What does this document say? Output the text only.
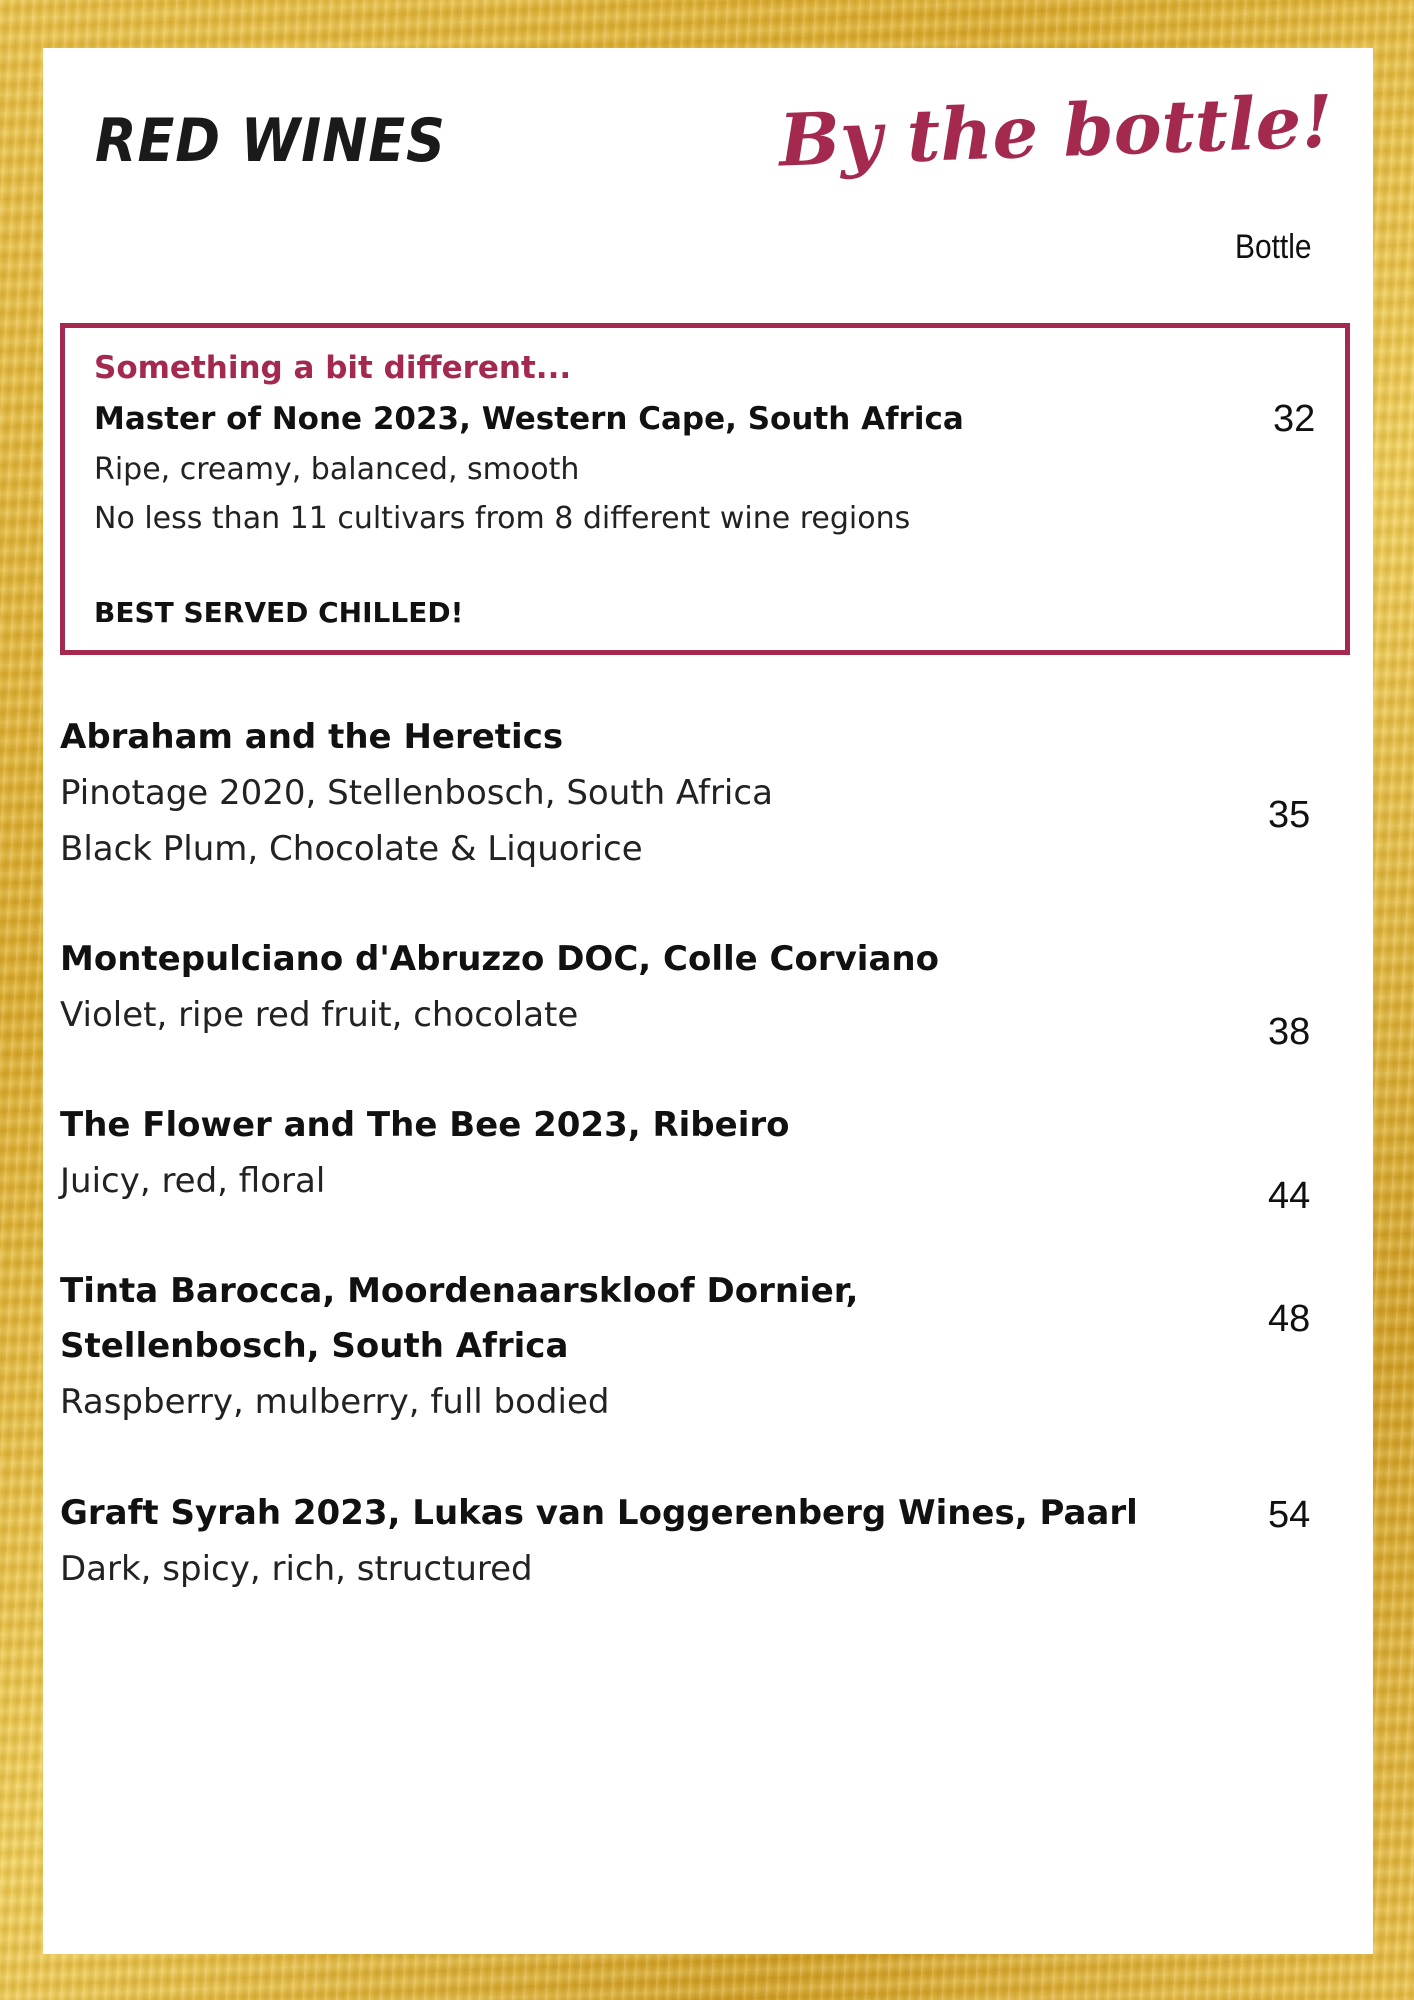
RED WINES	By the bottle!
Bottle
Something a bit different...
Master of None 2023, Western Cape, South Africa
Ripe, creamy, balanced, smooth
No less than 11 cultivars from 8 different wine regions
BEST SERVED CHILLED!
32
Abraham and the Heretics
Pinotage 2020, Stellenbosch, South Africa
Black Plum, Chocolate & Liquorice
35
Montepulciano d'Abruzzo DOC, Colle Corviano
Violet, ripe red fruit, chocolate	38
The Flower and The Bee 2023, Ribeiro
Juicy, red, floral	44
Tinta Barocca, Moordenaarskloof Dornier,
Stellenbosch, South Africa
Raspberry, mulberry, full bodied
48
Graft Syrah 2023, Lukas van Loggerenberg Wines, Paarl
Dark, spicy, rich, structured
54
